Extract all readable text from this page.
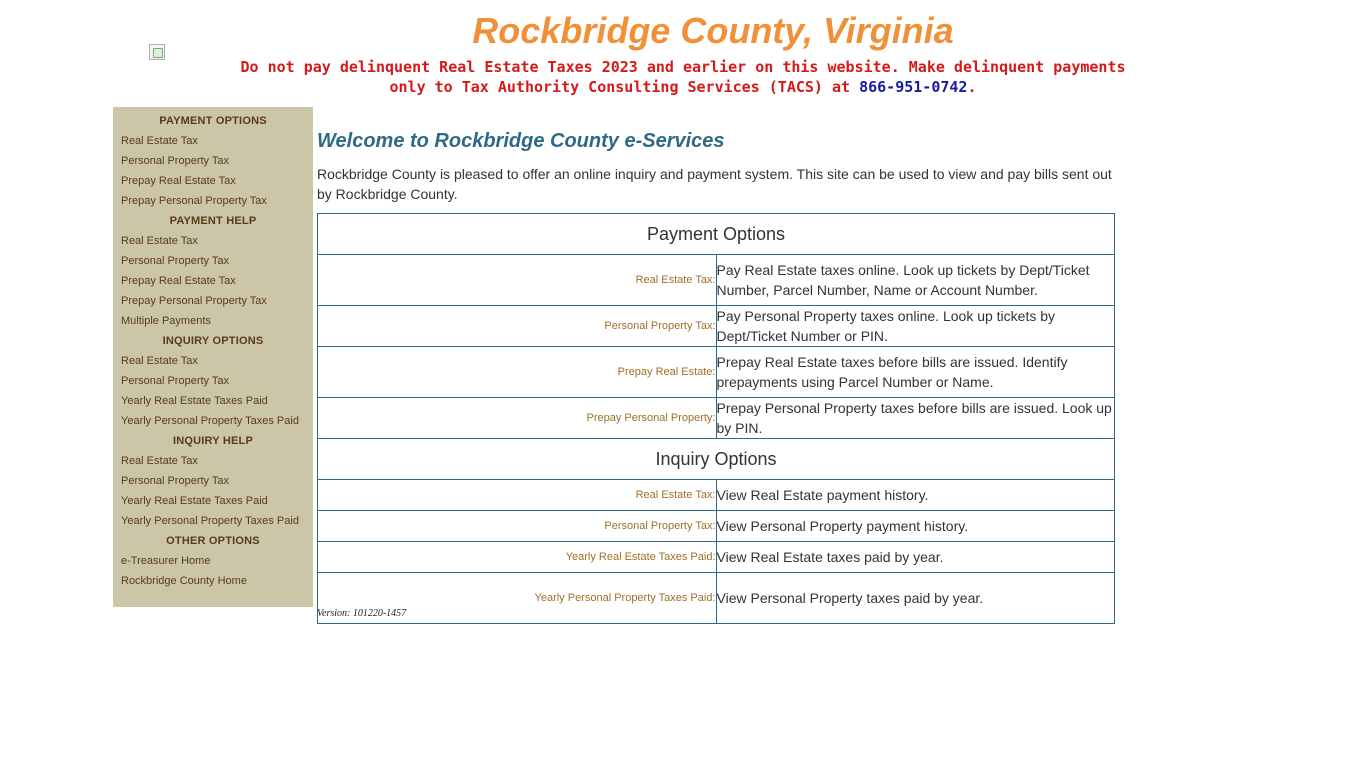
Rockbridge County, Virginia

Do not pay delinquent Real Estate Taxes 2023 and earlier on this website. Make delinquent payments only to Tax Authority Consulting Services (TACS) at 866-951-0742.

PAYMENT OPTIONS
Real Estate Tax
Personal Property Tax
Prepay Real Estate Tax
Prepay Personal Property Tax
PAYMENT HELP
Real Estate Tax
Personal Property Tax
Prepay Real Estate Tax
Prepay Personal Property Tax
Multiple Payments
INQUIRY OPTIONS
Real Estate Tax
Personal Property Tax
Yearly Real Estate Taxes Paid
Yearly Personal Property Taxes Paid
INQUIRY HELP
Real Estate Tax
Personal Property Tax
Yearly Real Estate Taxes Paid
Yearly Personal Property Taxes Paid
OTHER OPTIONS
e-Treasurer Home
Rockbridge County Home
Welcome to Rockbridge County e-Services

Rockbridge County is pleased to offer an online inquiry and payment system. This site can be used to view and pay bills sent out by Rockbridge County.

Payment Options	
Real Estate Tax:	Pay Real Estate taxes online. Look up tickets by Dept/Ticket Number, Parcel Number, Name or Account Number.
Personal Property Tax:	Pay Personal Property taxes online. Look up tickets by Dept/Ticket Number or PIN.
Prepay Real Estate:	Prepay Real Estate taxes before bills are issued. Identify prepayments using Parcel Number or Name.
Prepay Personal Property:	Prepay Personal Property taxes before bills are issued. Look up by PIN.
Inquiry Options	
Real Estate Tax:	View Real Estate payment history.
Personal Property Tax:	View Personal Property payment history.
Yearly Real Estate Taxes Paid:	View Real Estate taxes paid by year.
Yearly Personal Property Taxes Paid:	View Personal Property taxes paid by year.

Version: 101220-1457
